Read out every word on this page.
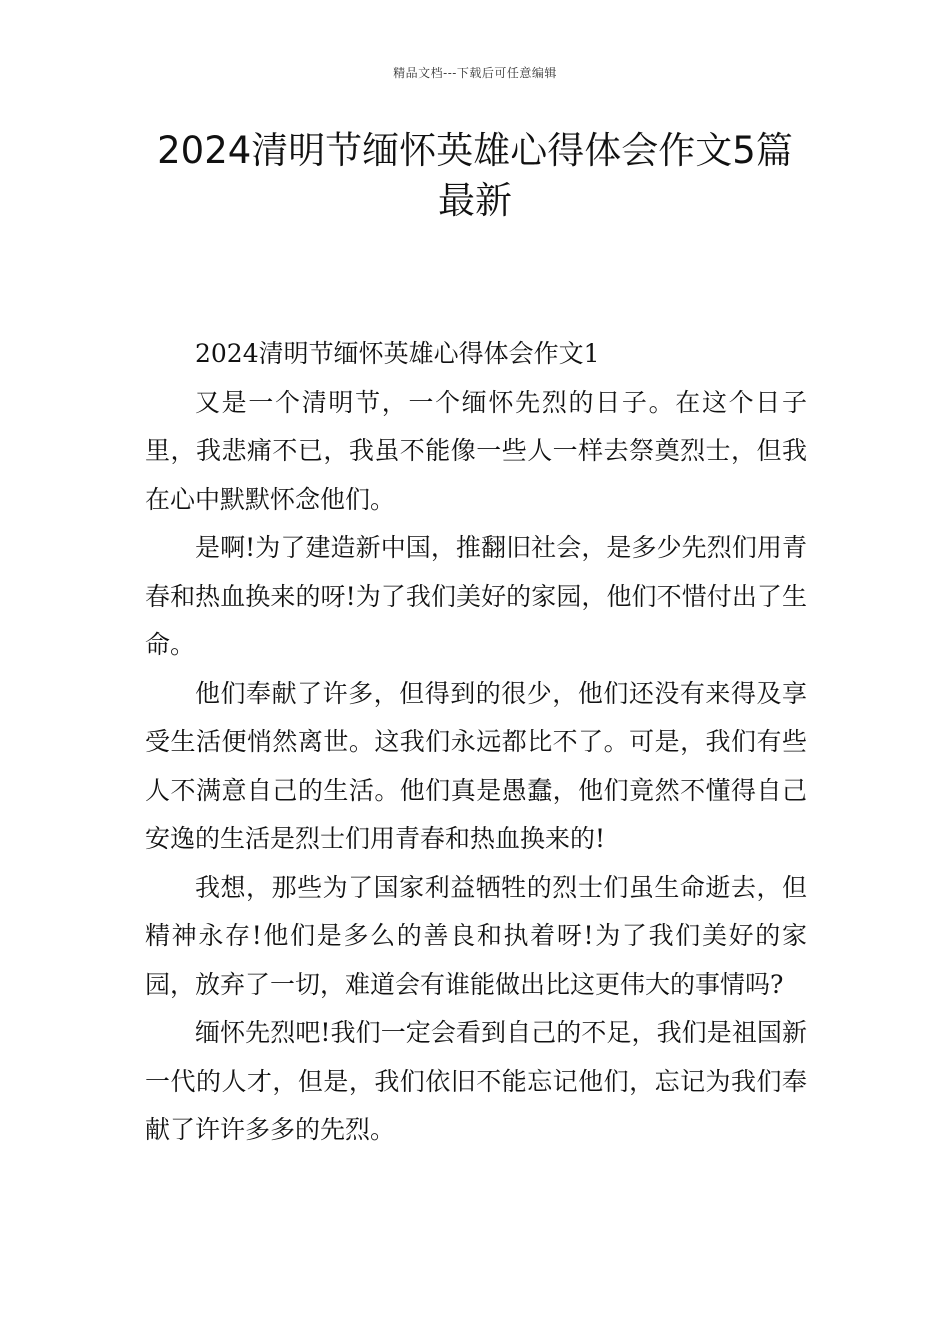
精品文档---下载后可任意编辑
2024清明节缅怀英雄心得体会作文5篇最新

2024清明节缅怀英雄心得体会作文1

又是一个清明节，一个缅怀先烈的日子。在这个日子里，我悲痛不已，我虽不能像一些人一样去祭奠烈士，但我在心中默默怀念他们。

是啊!为了建造新中国，推翻旧社会，是多少先烈们用青春和热血换来的呀!为了我们美好的家园，他们不惜付出了生命。

他们奉献了许多，但得到的很少，他们还没有来得及享受生活便悄然离世。这我们永远都比不了。可是，我们有些人不满意自己的生活。他们真是愚蠢，他们竟然不懂得自己安逸的生活是烈士们用青春和热血换来的!

我想，那些为了国家利益牺牲的烈士们虽生命逝去，但精神永存!他们是多么的善良和执着呀!为了我们美好的家园，放弃了一切，难道会有谁能做出比这更伟大的事情吗?

缅怀先烈吧!我们一定会看到自己的不足，我们是祖国新一代的人才，但是，我们依旧不能忘记他们，忘记为我们奉献了许许多多的先烈。
